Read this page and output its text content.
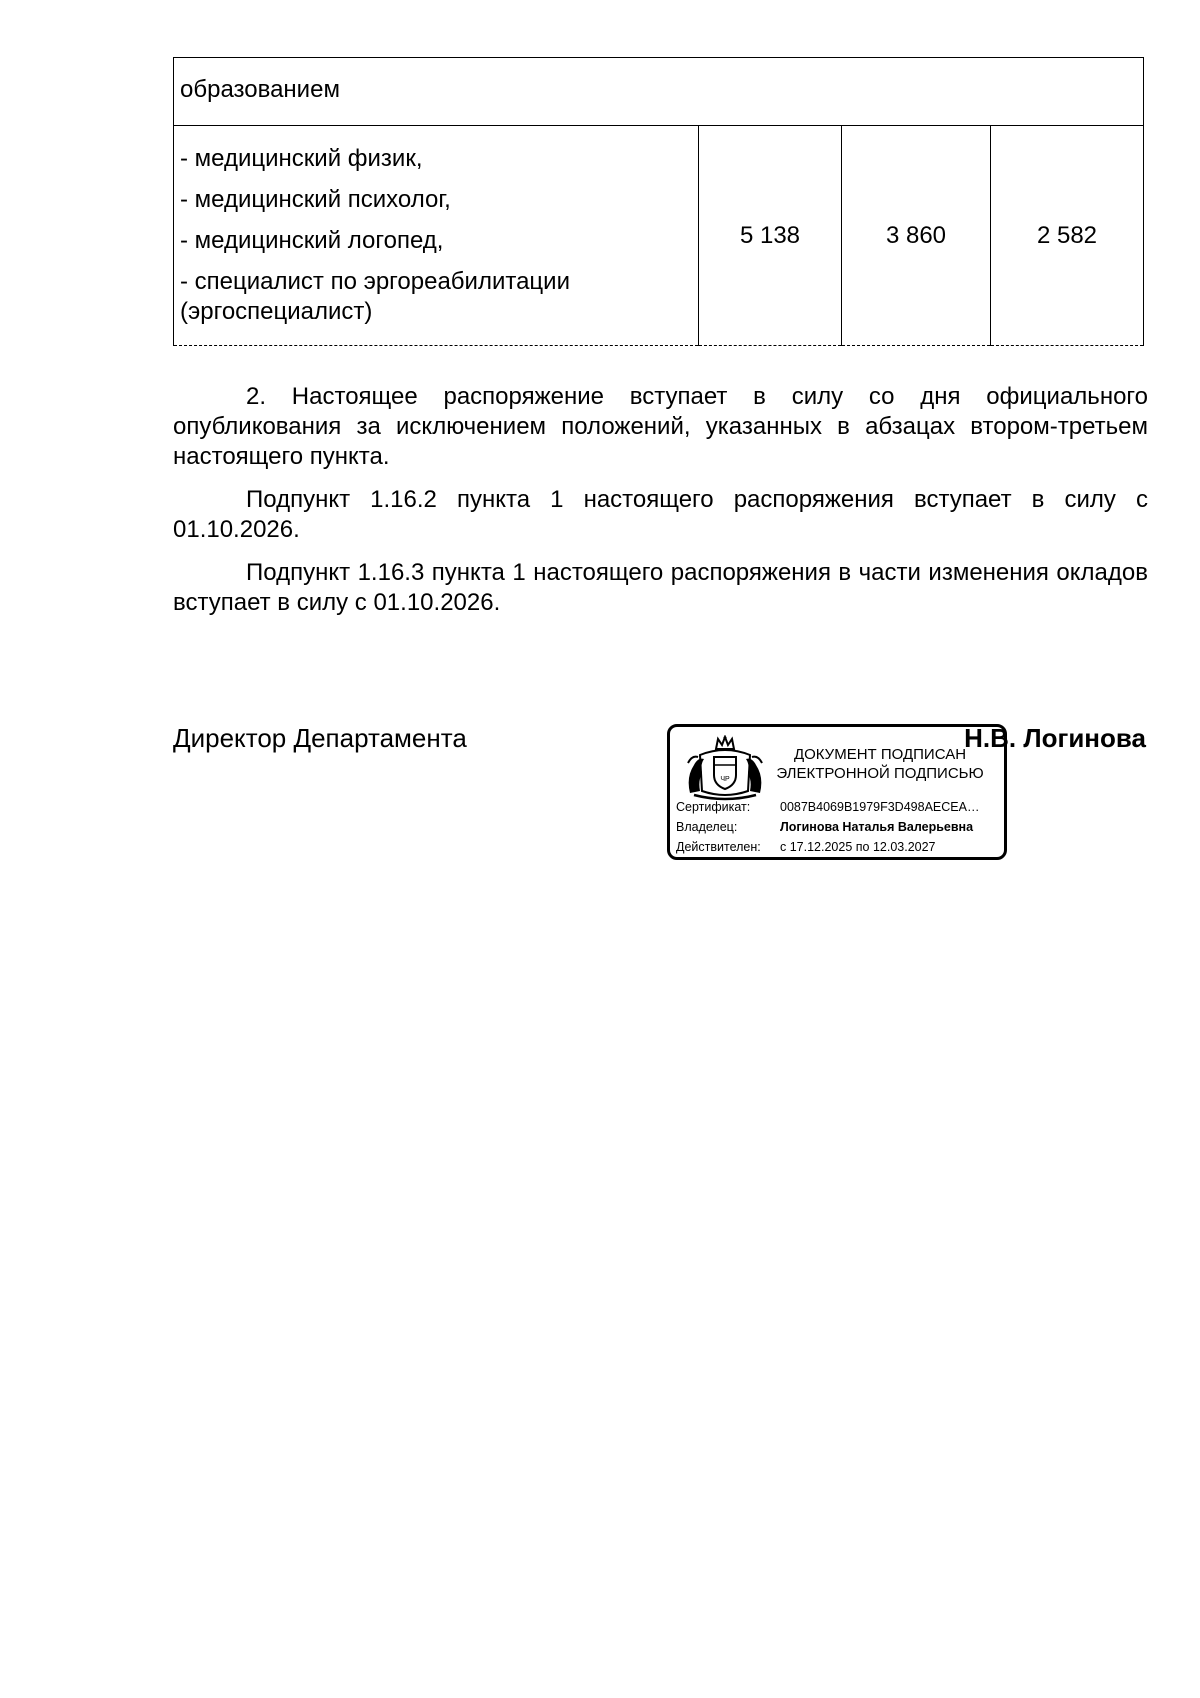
образованием

- медицинский физик,
- медицинский психолог,
- медицинский логопед,
- специалист по эргореабилитации (эргоспециалист)
	5 138	3 860	2 582

2. Настоящее распоряжение вступает в силу со дня официального опубликования за исключением положений, указанных в абзацах втором-третьем настоящего пункта.

Подпункт 1.16.2 пункта 1 настоящего распоряжения вступает в силу с 01.10.2026.

Подпункт 1.16.3 пункта 1 настоящего распоряжения в части изменения окладов вступает в силу с 01.10.2026.

Директор Департамента	Н.В. Логинова
ЧР
ДОКУМЕНТ ПОДПИСАН
ЭЛЕКТРОННОЙ ПОДПИСЬЮ
Сертификат: 0087B4069B1979F3D498AECEA…
Владелец:	Логинова Наталья Валерьевна
Действителен: с 17.12.2025 по 12.03.2027
